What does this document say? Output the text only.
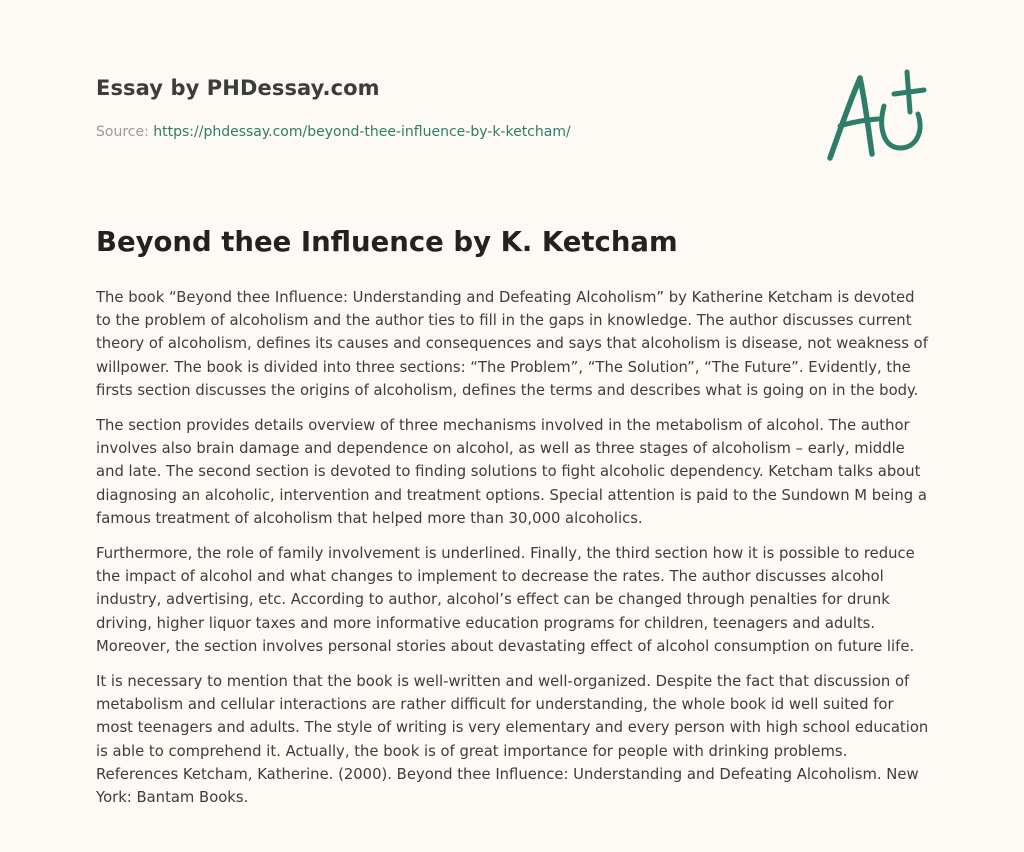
Essay by PHDessay.com
Source: https://phdessay.com/beyond-thee-influence-by-k-ketcham/
Beyond thee Influence by K. Ketcham

The book “Beyond thee Influence: Understanding and Defeating Alcoholism” by Katherine Ketcham is devoted to the problem of alcoholism and the author ties to fill in the gaps in knowledge. The author discusses current theory of alcoholism, defines its causes and consequences and says that alcoholism is disease, not weakness of willpower. The book is divided into three sections: “The Problem”, “The Solution”, “The Future”. Evidently, the firsts section discusses the origins of alcoholism, defines the terms and describes what is going on in the body.

The section provides details overview of three mechanisms involved in the metabolism of alcohol. The author involves also brain damage and dependence on alcohol, as well as three stages of alcoholism – early, middle and late. The second section is devoted to finding solutions to fight alcoholic dependency. Ketcham talks about diagnosing an alcoholic, intervention and treatment options. Special attention is paid to the Sundown M being a famous treatment of alcoholism that helped more than 30,000 alcoholics.

Furthermore, the role of family involvement is underlined. Finally, the third section how it is possible to reduce the impact of alcohol and what changes to implement to decrease the rates. The author discusses alcohol industry, advertising, etc. According to author, alcohol’s effect can be changed through penalties for drunk driving, higher liquor taxes and more informative education programs for children, teenagers and adults. Moreover, the section involves personal stories about devastating effect of alcohol consumption on future life.

It is necessary to mention that the book is well-written and well-organized. Despite the fact that discussion of metabolism and cellular interactions are rather difficult for understanding, the whole book id well suited for most teenagers and adults. The style of writing is very elementary and every person with high school education is able to comprehend it. Actually, the book is of great importance for people with drinking problems. References Ketcham, Katherine. (2000). Beyond thee Influence: Understanding and Defeating Alcoholism. New York: Bantam Books.
